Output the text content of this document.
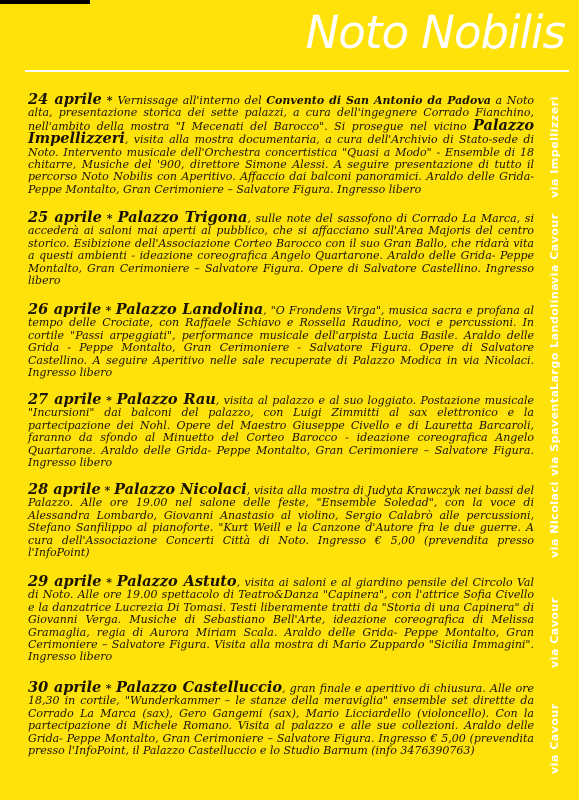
Noto Nobilis
24 aprile * Vernissage all'interno del Convento di San Antonio da Padova a Noto alta, presentazione storica dei sette palazzi, a cura dell'ingegnere Corrado Fianchino, nell'ambito della mostra "I Mecenati del Barocco". Si prosegue nel vicino Palazzo Impellizzeri, visita alla mostra documentaria, a cura dell'Archivio di Stato-sede di Noto. Intervento musicale dell'Orchestra concertistica "Quasi a Modo" - Ensemble di 18 chitarre, Musiche del '900, direttore Simone Alessi. A seguire presentazione di tutto il percorso Noto Nobilis con Aperitivo. Affaccio dai balconi panoramici. Araldo delle Grida- Peppe Montalto, Gran Cerimoniere – Salvatore Figura. Ingresso libero
25 aprile * Palazzo Trigona, sulle note del sassofono di Corrado La Marca, si accederà ai saloni mai aperti al pubblico, che si affacciano sull'Area Majoris del centro storico. Esibizione dell'Associazione Corteo Barocco con il suo Gran Ballo, che ridarà vita a questi ambienti - ideazione coreografica Angelo Quartarone. Araldo delle Grida- Peppe Montalto, Gran Cerimoniere – Salvatore Figura. Opere di Salvatore Castellino. Ingresso libero
26 aprile * Palazzo Landolina, "O Frondens Virga", musica sacra e profana al tempo delle Crociate, con Raffaele Schiavo e Rossella Raudino, voci e percussioni. In cortile "Passi arpeggiati", performance musicale dell'arpista Lucia Basile. Araldo delle Grida - Peppe Montalto, Gran Cerimoniere - Salvatore Figura. Opere di Salvatore Castellino. A seguire Aperitivo nelle sale recuperate di Palazzo Modica in via Nicolaci. Ingresso libero
27 aprile * Palazzo Rau, visita al palazzo e al suo loggiato. Postazione musicale "Incursioni" dai balconi del palazzo, con Luigi Zimmitti al sax elettronico e la partecipazione dei Nohl. Opere del Maestro Giuseppe Civello e di Lauretta Barcaroli, faranno da sfondo al Minuetto del Corteo Barocco - ideazione coreografica Angelo Quartarone. Araldo delle Grida- Peppe Montalto, Gran Cerimoniere – Salvatore Figura. Ingresso libero
28 aprile * Palazzo Nicolaci, visita alla mostra di Judyta Krawczyk nei bassi del Palazzo. Alle ore 19.00 nel salone delle feste, "Ensemble Soledad", con la voce di Alessandra Lombardo, Giovanni Anastasio al violino, Sergio Calabrò alle percussioni, Stefano Sanfilippo al pianoforte. "Kurt Weill e la Canzone d'Autore fra le due guerre. A cura dell'Associazione Concerti Città di Noto. Ingresso € 5,00 (prevendita presso l'InfoPoint)
29 aprile * Palazzo Astuto, visita ai saloni e al giardino pensile del Circolo Val di Noto. Alle ore 19.00 spettacolo di Teatro&Danza "Capinera", con l'attrice Sofia Civello e la danzatrice Lucrezia Di Tomasi. Testi liberamente tratti da "Storia di una Capinera" di Giovanni Verga. Musiche di Sebastiano Bell'Arte, ideazione coreografica di Melissa Gramaglia, regia di Aurora Miriam Scala. Araldo delle Grida- Peppe Montalto, Gran Cerimoniere – Salvatore Figura. Visita alla mostra di Mario Zuppardo "Sicilia Immagini". Ingresso libero
30 aprile * Palazzo Castelluccio, gran finale e aperitivo di chiusura. Alle ore 18,30 in cortile, "Wunderkammer – le stanze della meraviglia" ensemble set direttte da Corrado La Marca (sax), Gero Gangemi (sax), Mario Licciardello (violoncello). Con la partecipazione di Michele Romano. Visita al palazzo e alle sue collezioni. Araldo delle Grida- Peppe Montalto, Gran Cerimoniere – Salvatore Figura. Ingresso € 5,00 (prevendita presso l'InfoPoint, il Palazzo Castelluccio e lo Studio Barnum (info 3476390763)
via Impellizzeri
via Cavour
Largo Landolina
via Spaventa
via Nicolaci
via Cavour
via Cavour
